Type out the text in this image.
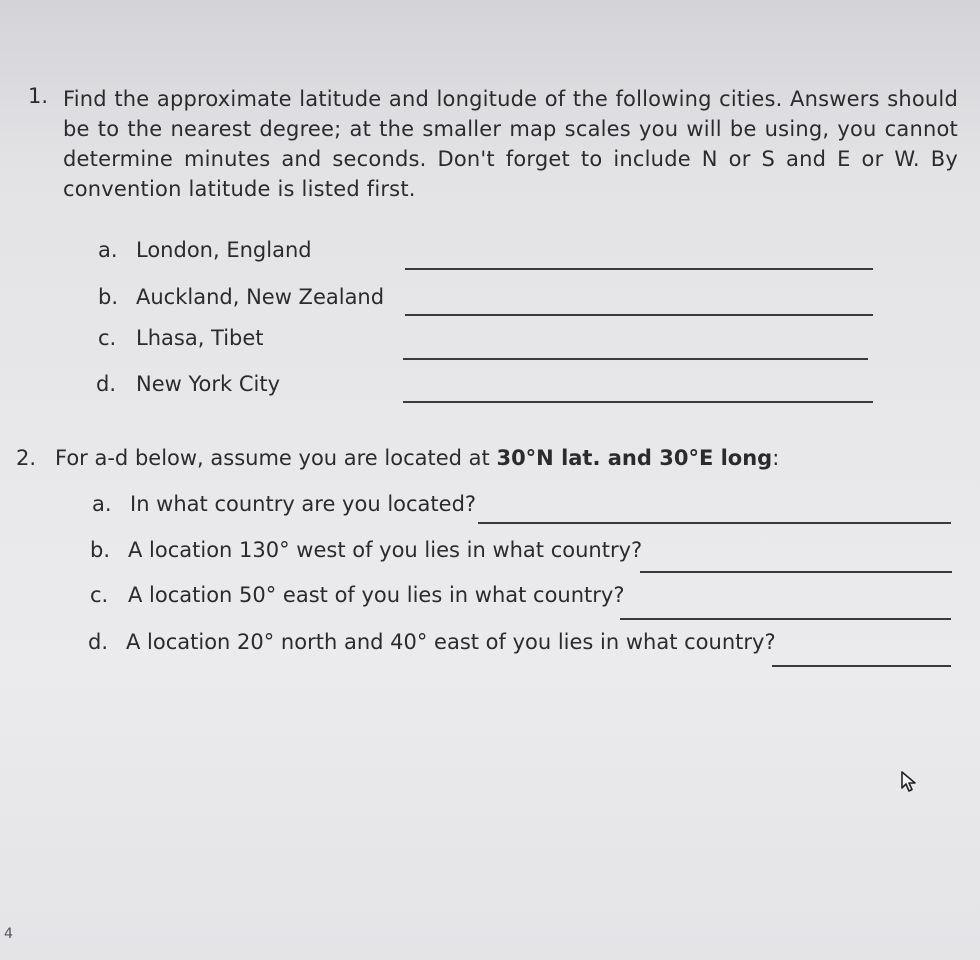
1. Find the approximate latitude and longitude of the following cities. Answers should be to the nearest degree; at the smaller map scales you will be using, you cannot determine minutes and seconds. Don't forget to include N or S and E or W. By convention latitude is listed first.
a. London, England
b. Auckland, New Zealand
c. Lhasa, Tibet
d. New York City
2. For a-d below, assume you are located at 30°N lat. and 30°E long:
a. In what country are you located?
b. A location 130° west of you lies in what country?
c. A location 50° east of you lies in what country?
d. A location 20° north and 40° east of you lies in what country?
4
